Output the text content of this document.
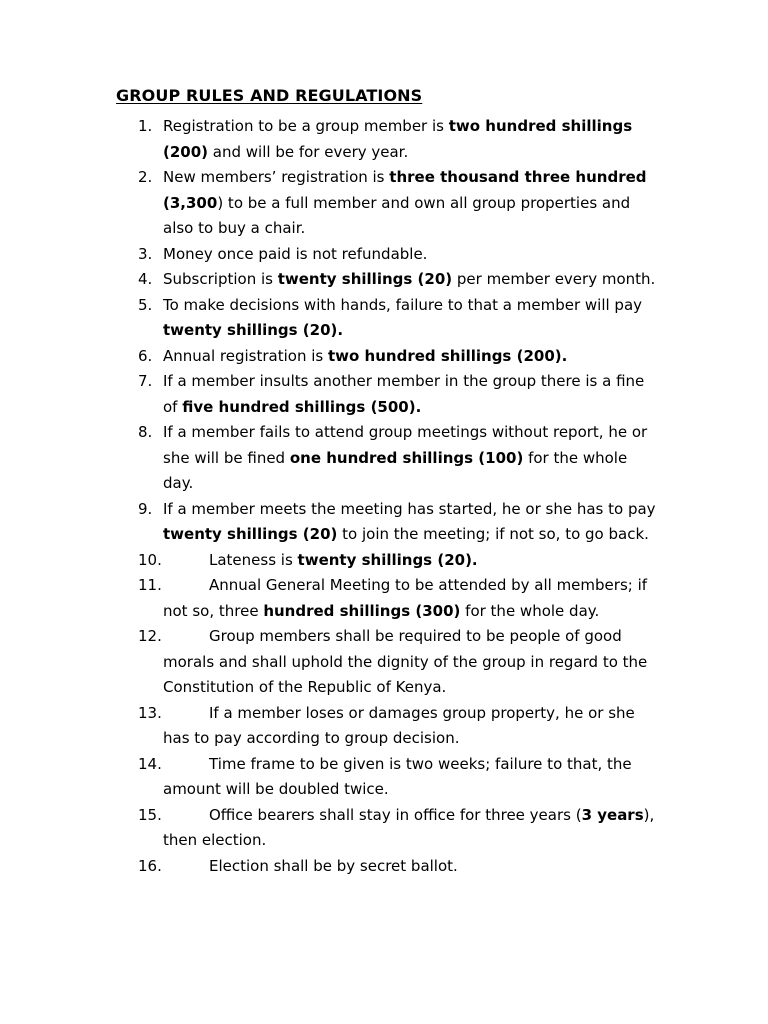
GROUP RULES AND REGULATIONS
1. Registration to be a group member is two hundred shillings (200) and will be for every year.
2. New members’ registration is three thousand three hundred (3,300) to be a full member and own all group properties and also to buy a chair.
3. Money once paid is not refundable.
4. Subscription is twenty shillings (20) per member every month.
5. To make decisions with hands, failure to that a member will pay twenty shillings (20).
6. Annual registration is two hundred shillings (200).
7. If a member insults another member in the group there is a fine of five hundred shillings (500).
8. If a member fails to attend group meetings without report, he or she will be fined one hundred shillings (100) for the whole day.
9. If a member meets the meeting has started, he or she has to pay twenty shillings (20) to join the meeting; if not so, to go back.
10.	Lateness is twenty shillings (20).
11.	Annual General Meeting to be attended by all members; if not so, three hundred shillings (300) for the whole day.
12.	Group members shall be required to be people of good morals and shall uphold the dignity of the group in regard to the Constitution of the Republic of Kenya.
13.	If a member loses or damages group property, he or she has to pay according to group decision.
14.	Time frame to be given is two weeks; failure to that, the amount will be doubled twice.
15.	Office bearers shall stay in office for three years (3 years), then election.
16.	Election shall be by secret ballot.
